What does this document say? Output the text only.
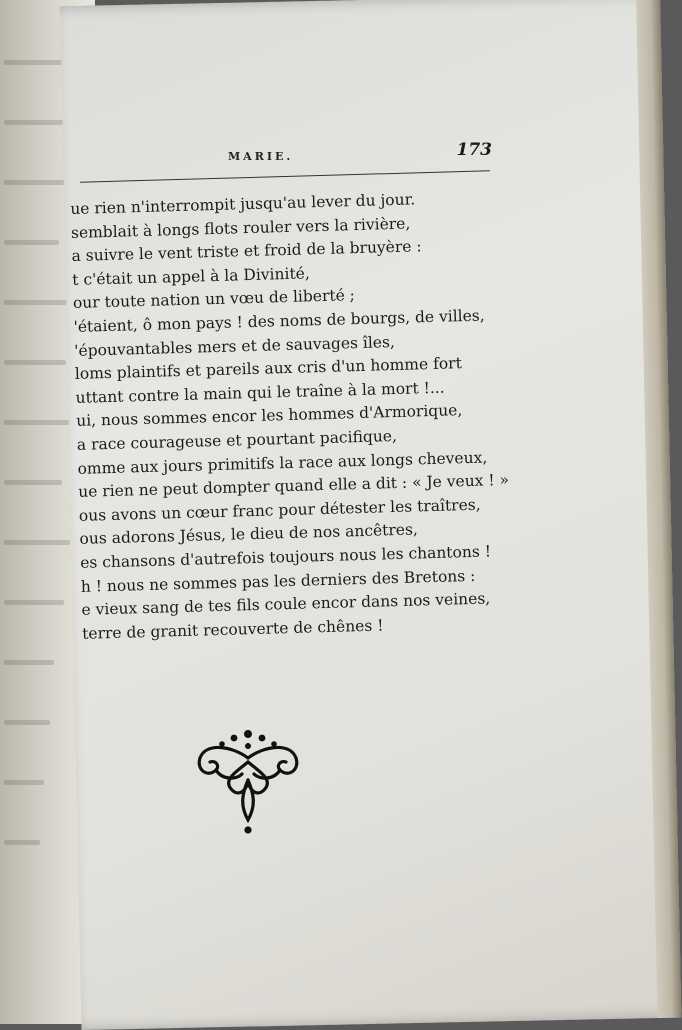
MARIE.	173
ue rien n'interrompit jusqu'au lever du jour.
semblait à longs flots rouler vers la rivière,
a suivre le vent triste et froid de la bruyère :
t c'était un appel à la Divinité,
our toute nation un vœu de liberté ;
'étaient, ô mon pays ! des noms de bourgs, de villes,
'épouvantables mers et de sauvages îles,
loms plaintifs et pareils aux cris d'un homme fort
uttant contre la main qui le traîne à la mort !...
ui, nous sommes encor les hommes d'Armorique,
a race courageuse et pourtant pacifique,
omme aux jours primitifs la race aux longs cheveux,
ue rien ne peut dompter quand elle a dit : « Je veux ! »
ous avons un cœur franc pour détester les traîtres,
ous adorons Jésus, le dieu de nos ancêtres,
es chansons d'autrefois toujours nous les chantons !
h ! nous ne sommes pas les derniers des Bretons :
e vieux sang de tes fils coule encor dans nos veines,
terre de granit recouverte de chênes !
